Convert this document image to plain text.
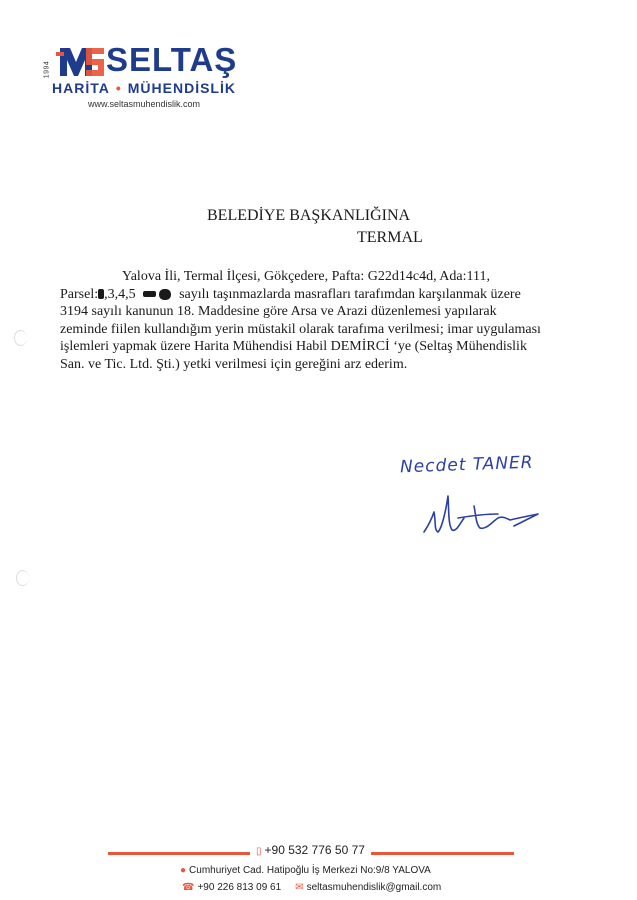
1994 SELTAŞ
HARİTA • MÜHENDİSLİK
www.seltasmuhendislik.com
BELEDİYE BAŞKANLIĞINA
TERMAL
Yalova İli, Termal İlçesi, Gökçedere, Pafta: G22d14c4d, Ada:111,
Parsel: ,3,4,5	sayılı taşınmazlarda masrafları tarafımdan karşılanmak üzere
3194 sayılı kanunun 18. Maddesine göre Arsa ve Arazi düzenlemesi yapılarak
zeminde fiilen kullandığım yerin müstakil olarak tarafıma verilmesi; imar uygulaması
işlemleri yapmak üzere Harita Mühendisi Habil DEMİRCİ ‘ye (Seltaş Mühendislik
San. ve Tic. Ltd. Şti.) yetki verilmesi için gereğini arz ederim.
Necdet TANER
▯ +90 532 776 50 77
● Cumhuriyet Cad. Hatipoğlu İş Merkezi No:9/8 YALOVA
☎ +90 226 813 09 61 ✉ seltasmuhendislik@gmail.com
